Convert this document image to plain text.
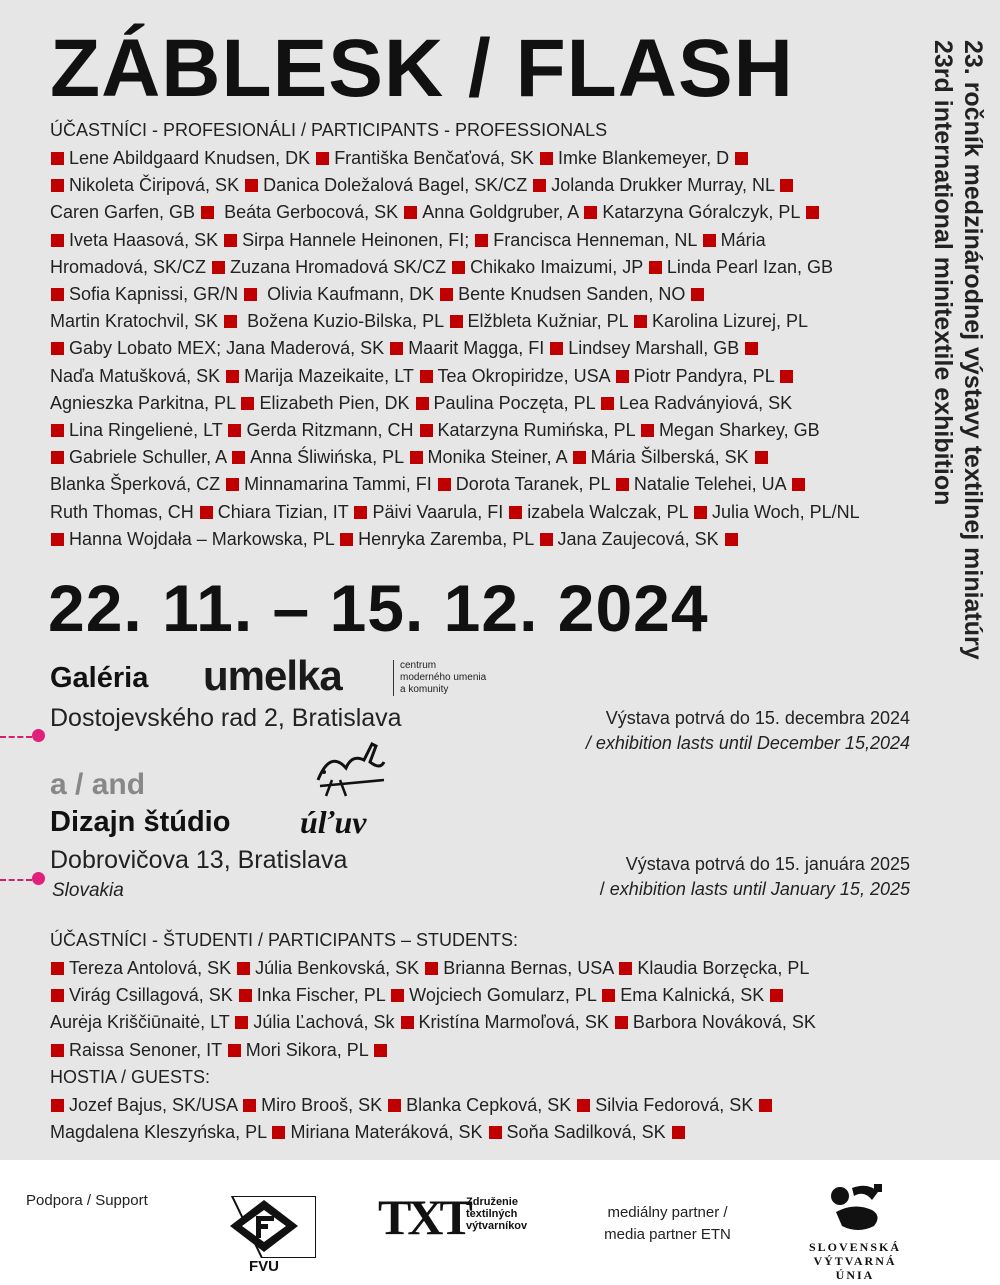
ZÁBLESK / FLASH	23. ročník medzinárodnej výstavy textilnej miniatúry
23rd international minitextile exhibition
ÚČASTNÍCI - PROFESIONÁLI / PARTICIPANTS - PROFESSIONALS
Lene Abildgaard Knudsen, DK Františka Benčaťová, SK Imke Blankemeyer, D
Nikoleta Čiripová, SK Danica Doležalová Bagel, SK/CZ Jolanda Drukker Murray, NL
Caren Garfen, GB  Beáta Gerbocová, SK Anna Goldgruber, A Katarzyna Góralczyk, PL
Iveta Haasová, SK Sirpa Hannele Heinonen, FI; Francisca Henneman, NL Mária
Hromadová, SK/CZ Zuzana Hromadová SK/CZ Chikako Imaizumi, JP Linda Pearl Izan, GB
Sofia Kapnissi, GR/N  Olivia Kaufmann, DK Bente Knudsen Sanden, NO
Martin Kratochvil, SK  Božena Kuzio-Bilska, PL Elžbleta Kužniar, PL Karolina Lizurej, PL
Gaby Lobato MEX; Jana Maderová, SK Maarit Magga, FI Lindsey Marshall, GB
Naďa Matušková, SK Marija Mazeikaite, LT Tea Okropiridze, USA Piotr Pandyra, PL
Agnieszka Parkitna, PL Elizabeth Pien, DK Paulina Poczęta, PL Lea Radványiová, SK
Lina Ringelienė, LT Gerda Ritzmann, CH Katarzyna Rumińska, PL Megan Sharkey, GB
Gabriele Schuller, A Anna Śliwińska, PL Monika Steiner, A Mária Šilberská, SK
Blanka Šperková, CZ Minnamarina Tammi, FI Dorota Taranek, PL Natalie Telehei, UA
Ruth Thomas, CH Chiara Tizian, IT Päivi Vaarula, FI izabela Walczak, PL Julia Woch, PL/NL
Hanna Wojdała – Markowska, PL Henryka Zaremba, PL Jana Zaujecová, SK
22. 11. – 15. 12. 2024
Galéria umelka	centrum
moderného umenia
a komunity
Dostojevského rad 2, Bratislava	Výstava potrvá do 15. decembra 2024
/ exhibition lasts until December 15,2024
a / and
Dizajn štúdio úľuv
Dobrovičova 13, Bratislava
Slovakia
Výstava potrvá do 15. januára 2025
/ exhibition lasts until January 15, 2025
ÚČASTNÍCI - ŠTUDENTI / PARTICIPANTS – STUDENTS:
Tereza Antolová, SK Júlia Benkovská, SK Brianna Bernas, USA Klaudia Borzęcka, PL
Virág Csillagová, SK Inka Fischer, PL Wojciech Gomularz, PL Ema Kalnická, SK
Aurėja Kriščiūnaitė, LT Júlia Ľachová, Sk Kristína Marmoľová, SK Barbora Nováková, SK
Raissa Senoner, IT Mori Sikora, PL
HOSTIA / GUESTS:
Jozef Bajus, SK/USA Miro Brooš, SK Blanka Cepková, SK Silvia Fedorová, SK
Magdalena Kleszyńska, PL Miriana Materáková, SK Soňa Sadilková, SK
Podpora / Support
FVU
TXT
Združenie
textilných
výtvarníkov
mediálny partner /
media partner ETN
SLOVENSKÁ
VÝTVARNÁ
ÚNIA
